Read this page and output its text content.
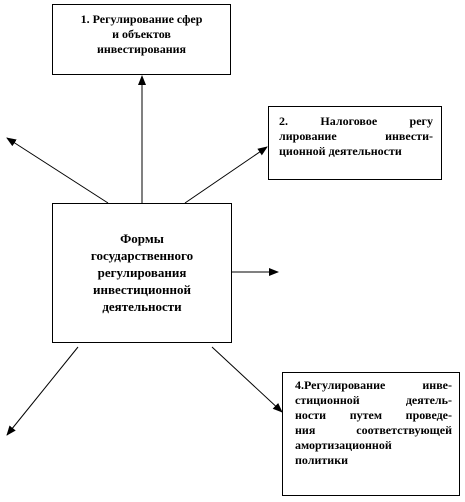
1. Регулирование сфер
и объектов
инвестирования
2. Налоговое регу
лирование инвести-
ционной деятельности
Формы
государственного
регулирования
инвестиционной
деятельности
4.Регулирование инве-
стиционной деятель-
ности путем проведе-
ния соответствующей
амортизационной
политики
